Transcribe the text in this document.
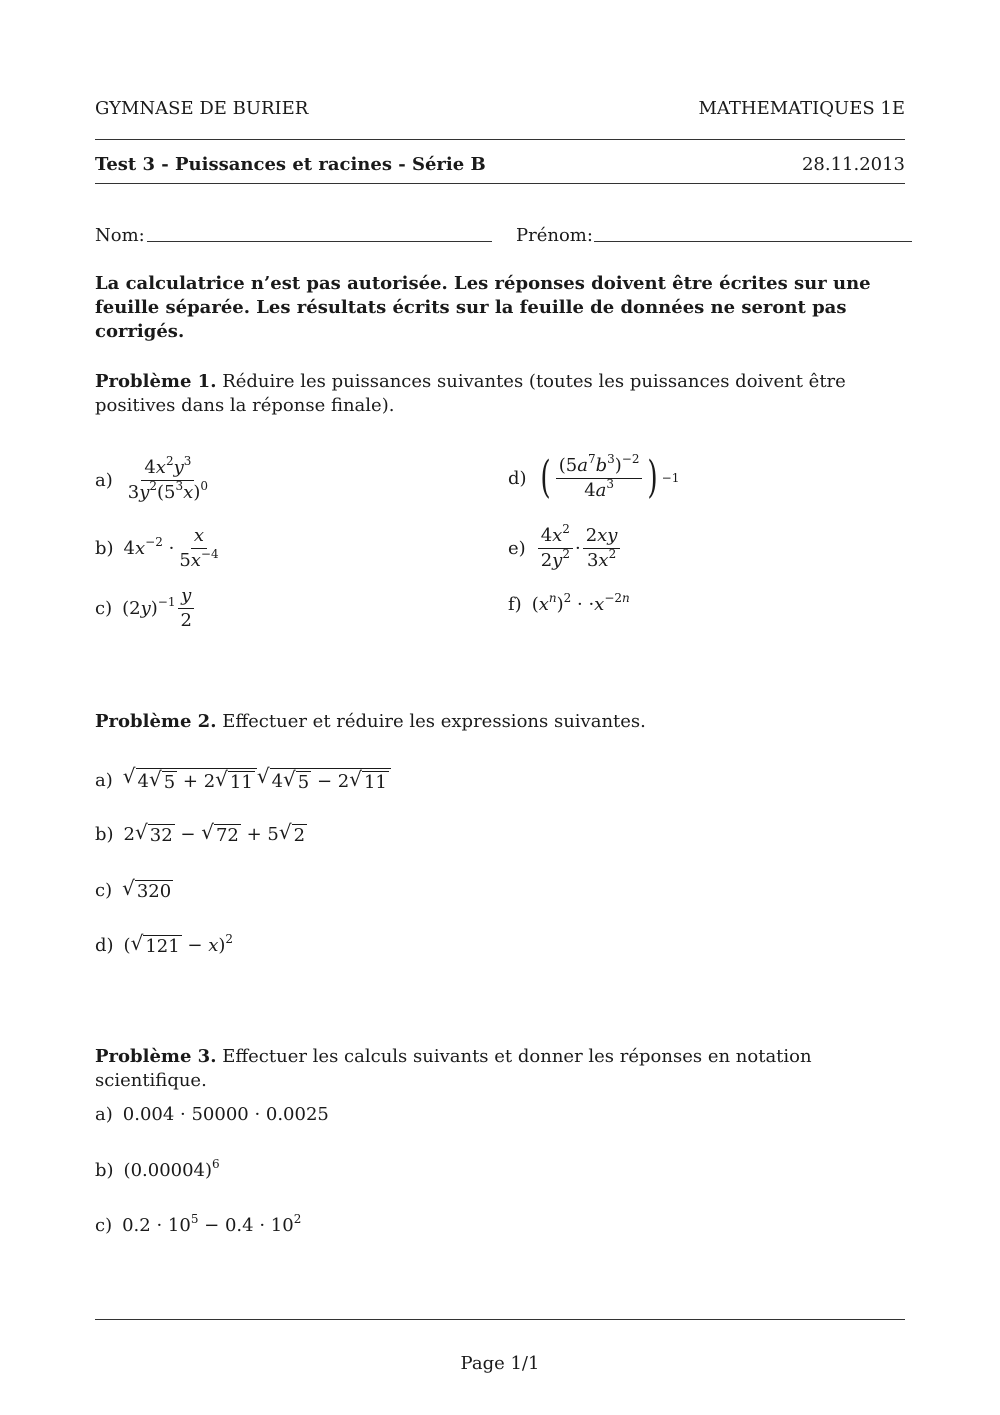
GYMNASE DE BURIER	MATHEMATIQUES 1E
Test 3 - Puissances et racines - Série B	28.11.2013
Nom:	Prénom:
La calculatrice n’est pas autorisée. Les réponses doivent être écrites sur une feuille séparée. Les résultats écrits sur la feuille de données ne seront pas corrigés.
Problème 1. Réduire les puissances suivantes (toutes les puissances doivent être positives dans la réponse finale).
$a) \frac{4x^2y^3}{3y^2(5^3x)^0}$
b) $4x^{-2} \cdot \frac{x}{5x^{-4}}$
c) $(2y)^{-1} \frac{y}{2}$
d) ( $\frac{(5a^7b^3)^{-2}}{4a^3}$ ) −1
$e) \frac{4x^2}{2y^2} \cdot \frac{2xy}{3x^2}$
f) $(x^n)^2 \cdot \cdot x^{-2n}$
Problème 2. Effectuer et réduire les expressions suivantes.
a) √ 4 √ 5 + 2 √ 11 √ 4 √ 5 − 2 √ 11
b) 2 √ 32 − √ 72 + 5 √ 2
c) √ 320
d) ( √ 121 − x)$^2$
Problème 3. Effectuer les calculs suivants et donner les réponses en notation scientifique.
a) 0.004 · 50000 · 0.0025
b) $(0.00004)^6$
c) $0.2 \cdot 10^5 - 0.4 \cdot 10^2$
Page 1/1
